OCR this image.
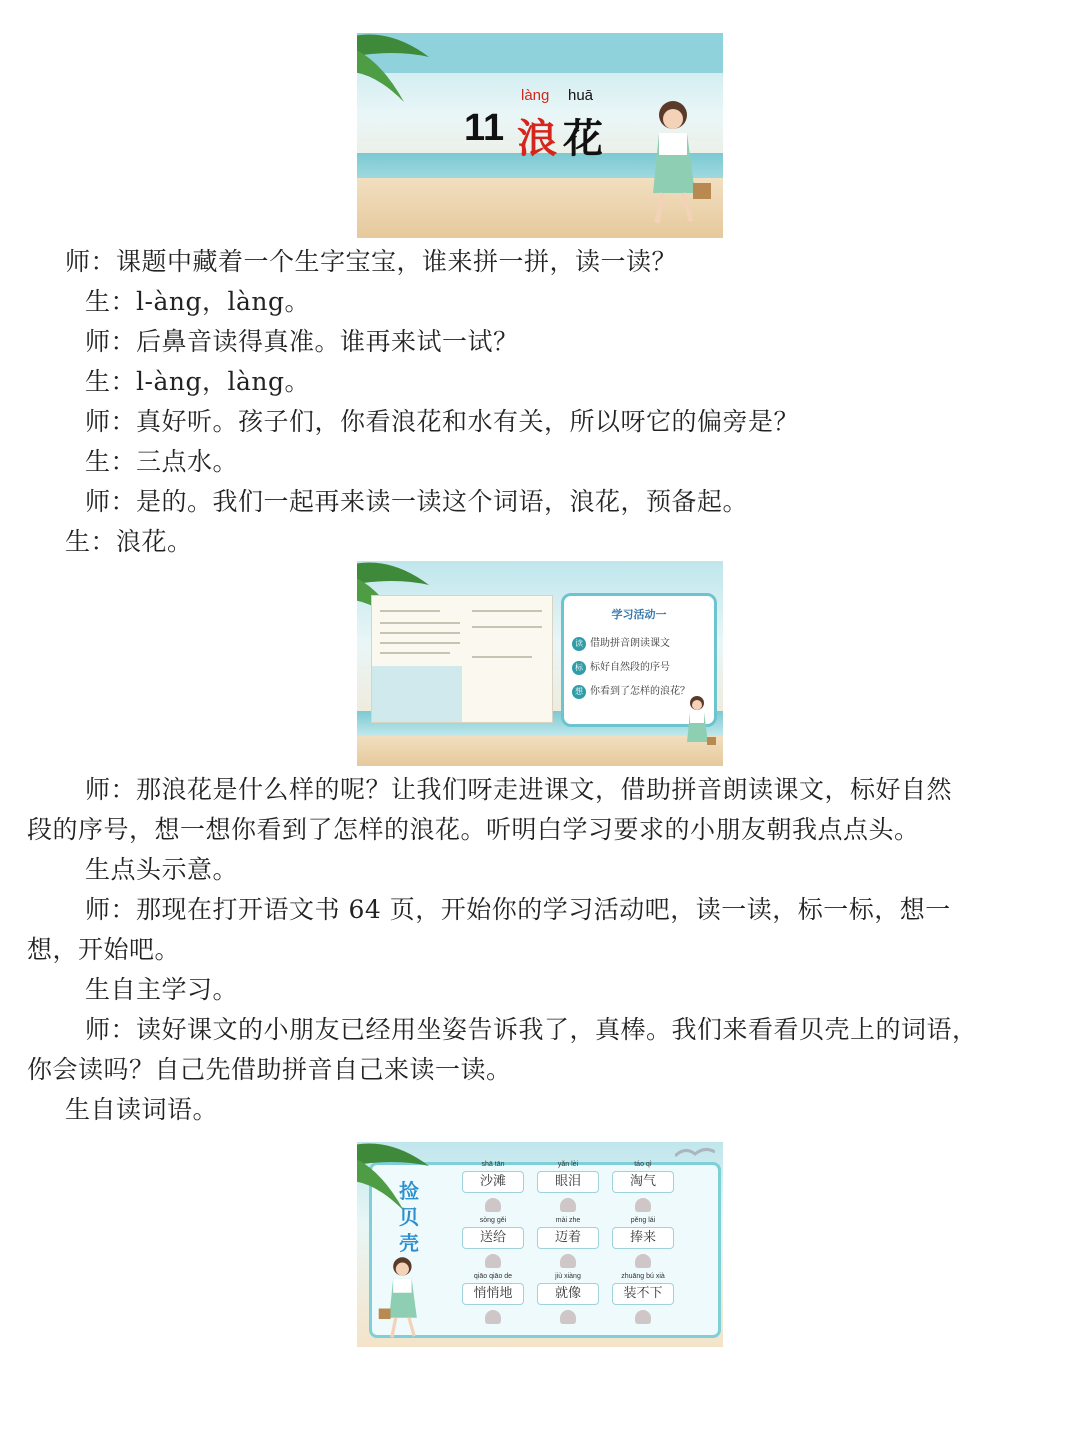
11
làng huā
浪 花

师：课题中藏着一个生字宝宝，谁来拼一拼，读一读？

生：l-àng，làng。

师：后鼻音读得真准。谁再来试一试？

生：l-àng，làng。

师：真好听。孩子们，你看浪花和水有关，所以呀它的偏旁是？

生：三点水。

师：是的。我们一起再来读一读这个词语，浪花，预备起。

生：浪花。

学习活动一
读 借助拼音朗读课文
标 标好自然段的序号
想 你看到了怎样的浪花？

师：那浪花是什么样的呢？让我们呀走进课文，借助拼音朗读课文，标好自然

段的序号，想一想你看到了怎样的浪花。听明白学习要求的小朋友朝我点点头。

生点头示意。

师：那现在打开语文书 64 页，开始你的学习活动吧，读一读，标一标，想一

想，开始吧。

生自主学习。

师：读好课文的小朋友已经用坐姿告诉我了，真棒。我们来看看贝壳上的词语，

你会读吗？自己先借助拼音自己来读一读。

生自读词语。

捡贝壳
shā tān
沙滩
yǎn lèi
眼泪
táo qì
淘气
sòng gěi
送给
mài zhe
迈着
pěng lái
捧来
qiāo qiāo de
悄悄地
jiù xiàng
就像
zhuāng bú xià
装不下
